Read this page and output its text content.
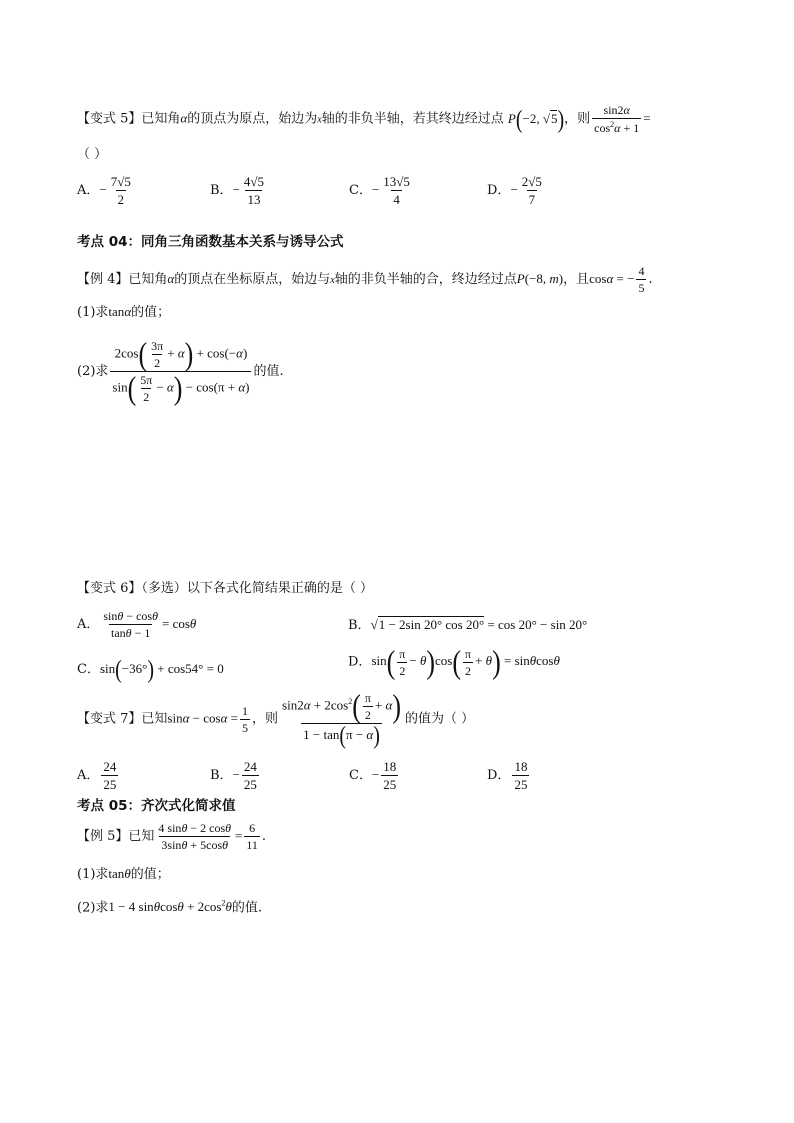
【变式 5】已知角α的顶点为原点，始边为x轴的非负半轴，若其终边经过点 P(−2, √5)，则 $\frac{\sin 2\alpha}{\cos^2\alpha + 1}$ =
（ ）
A．− $\frac{7√5}{2}$	B．− $\frac{4√5}{13}$	C．− $\frac{13√5}{4}$	D．− $\frac{2√5}{7}$
考点 04：同角三角函数基本关系与诱导公式
【例 4】已知角α的顶点在坐标原点，始边与x轴的非负半轴的合，终边经过点P(−8, m)，且cosα = − $\frac{4}{5}$ .
(1)求tanα的值；
(2)求 $\frac{2\cos( \frac{3\pi}{2} + \alpha) + \cos(-\alpha)}{\sin( \frac{5\pi}{2} - \alpha) - \cos(\pi + \alpha)}$ 的值.
【变式 6】（多选）以下各式化简结果正确的是（ ）
A． $\frac{\sin\theta - \cos\theta}{\tan\theta - 1} = \cos\theta$	B．√1 − 2sin 20° cos 20° = cos 20° − sin 20°
C．sin(−36°) + cos54° = 0	D．$\sin( \frac{\pi}{2} - \theta)\cos( \frac{\pi}{2} + \theta) = \sin\theta\cos\theta$
【变式 7】已知$\sin\alpha - \cos\alpha = \frac{1}{5}$ ，则 $\frac{\sin 2\alpha + 2\cos^2( \frac{\pi}{2} + \alpha)}{1 - \tan(\pi - \alpha)}$ 的值为（ ）
A． $\frac{24}{25}$	B．− $\frac{24}{25}$	C．− $\frac{18}{25}$	D． $\frac{18}{25}$
考点 05：齐次式化简求值
【例 5】已知 $\frac{4 \sin\theta - 2 \cos\theta}{3\sin\theta + 5\cos\theta} = \frac{6}{11}$ .
(1)求tanθ的值；
(2)求1 − 4 $\sin\theta\cos\theta + 2\cos^2\theta$的值.
